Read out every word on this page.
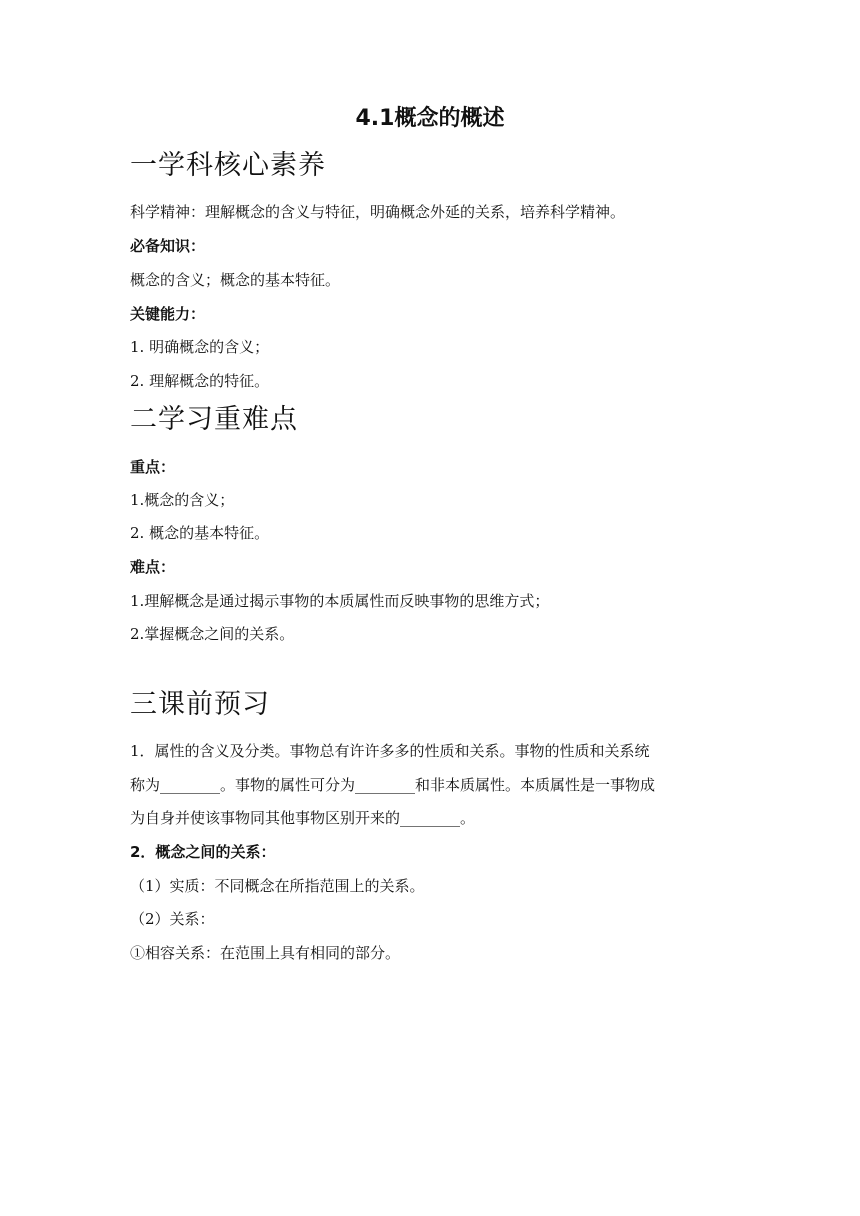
4.1概念的概述
一学科核心素养
科学精神：理解概念的含义与特征，明确概念外延的关系，培养科学精神。
必备知识：
概念的含义；概念的基本特征。
关键能力：
1. 明确概念的含义；
2. 理解概念的特征。
二学习重难点
重点：
1.概念的含义；
2. 概念的基本特征。
难点：
1.理解概念是通过揭示事物的本质属性而反映事物的思维方式；
2.掌握概念之间的关系。
三课前预习
1．属性的含义及分类。事物总有许许多多的性质和关系。事物的性质和关系统
称为________。事物的属性可分为________和非本质属性。本质属性是一事物成
为自身并使该事物同其他事物区别开来的________。
2．概念之间的关系：
（1）实质：不同概念在所指范围上的关系。
（2）关系：
①相容关系：在范围上具有相同的部分。
